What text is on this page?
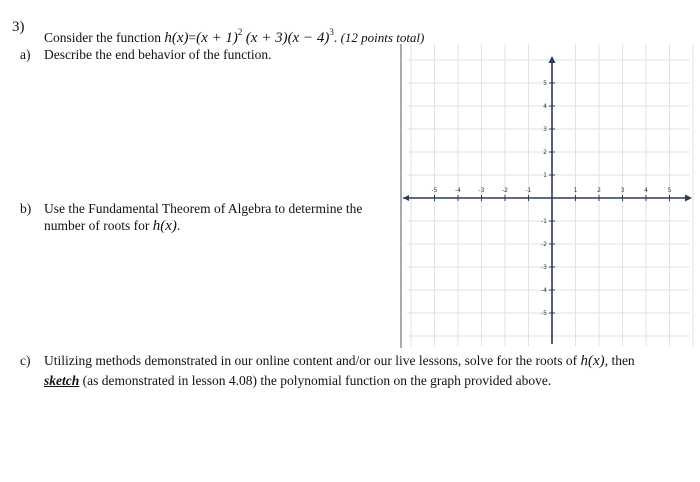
3)
Consider the function $h(x)=(x + 1)^2$ $(x + 3)(x - 4)^3$. (12 points total)
a) Describe the end behavior of the function.
b) Use the Fundamental Theorem of Algebra to determine the
number of roots for h(x).
c) Utilizing methods demonstrated in our online content and/or our live lessons, solve for the roots of h(x), then
sketch (as demonstrated in lesson 4.08) the polynomial function on the graph provided above.
-5	-4	-3	-2	-1	1	2	3	4	5
5
4
3
2
1
-1
-2
-3
-4
-5
